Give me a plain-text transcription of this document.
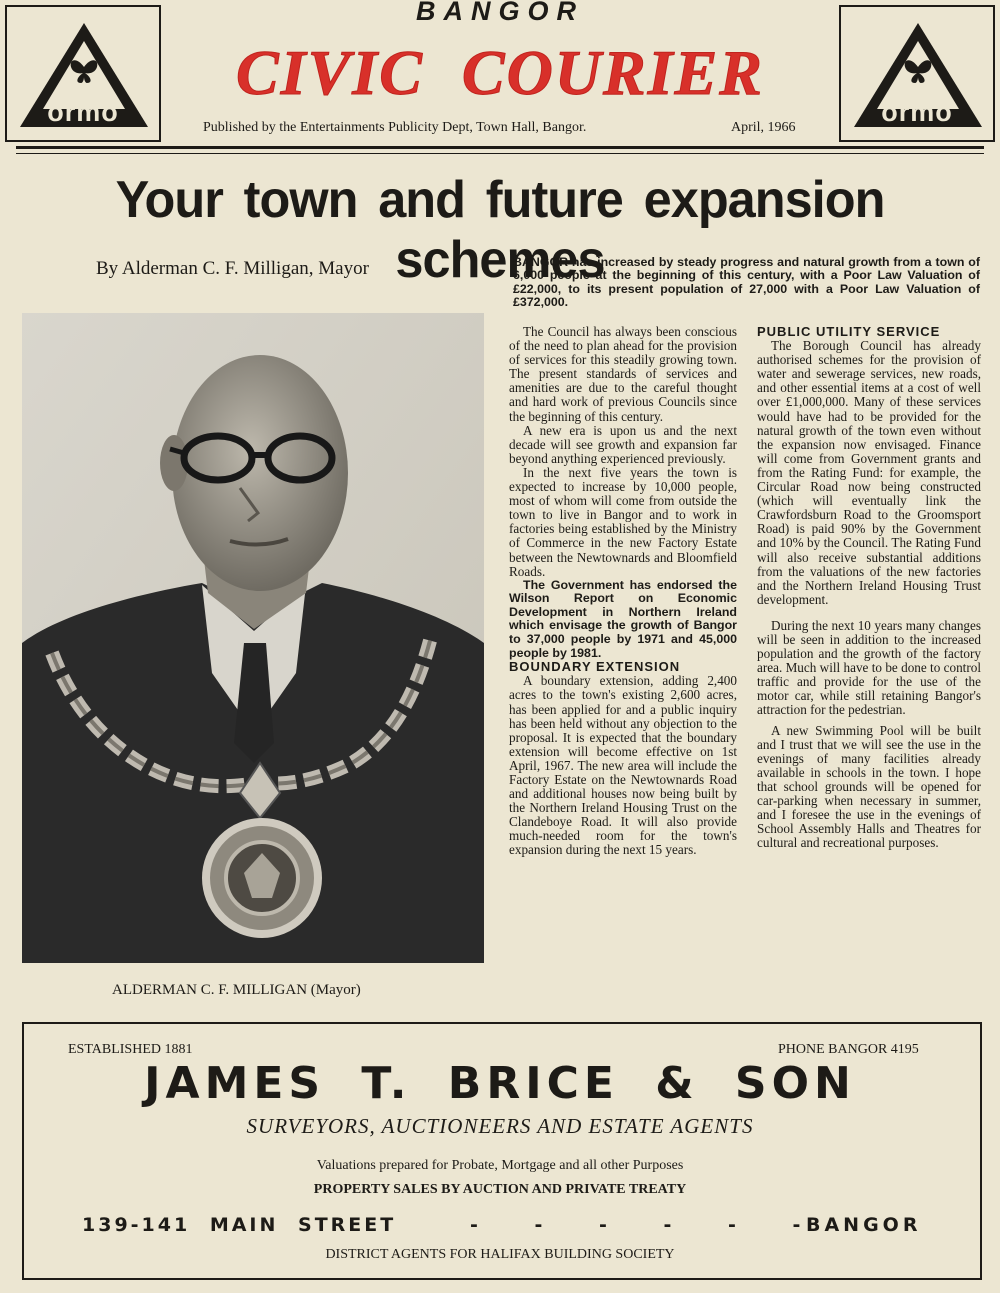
ormo	ormo
BANGOR
CIVIC COURIER
Published by the Entertainments Publicity Dept, Town Hall, Bangor.	April, 1966
Your town and future expansion schemes
By Alderman C. F. Milligan, Mayor
ALDERMAN C. F. MILLIGAN (Mayor)
BANGOR has increased by steady progress and natural growth from a town of 6,000 people at the beginning of this century, with a Poor Law Valuation of £22,000, to its present population of 27,000 with a Poor Law Valuation of £372,000.

The Council has always been conscious of the need to plan ahead for the provision of services for this steadily growing town. The present standards of services and amenities are due to the careful thought and hard work of previous Councils since the beginning of this century.

A new era is upon us and the next decade will see growth and expansion far beyond anything experienced previously.

In the next five years the town is expected to increase by 10,000 people, most of whom will come from outside the town to live in Bangor and to work in factories being established by the Ministry of Commerce in the new Factory Estate between the Newtownards and Bloomfield Roads.

The Government has endorsed the Wilson Report on Economic Development in Northern Ireland which envisage the growth of Bangor to 37,000 people by 1971 and 45,000 people by 1981.

BOUNDARY EXTENSION

A boundary extension, adding 2,400 acres to the town's existing 2,600 acres, has been applied for and a public inquiry has been held without any objection to the proposal. It is expected that the boundary extension will become effective on 1st April, 1967. The new area will include the Factory Estate on the Newtownards Road and additional houses now being built by the Northern Ireland Housing Trust on the Clandeboye Road. It will also provide much-needed room for the town's expansion during the next 15 years.

PUBLIC UTILITY SERVICE

The Borough Council has already authorised schemes for the provision of water and sewerage services, new roads, and other essential items at a cost of well over £1,000,000. Many of these services would have had to be provided for the natural growth of the town even without the expansion now envisaged. Finance will come from Government grants and from the Rating Fund: for example, the Circular Road now being constructed (which will eventually link the Crawfordsburn Road to the Groomsport Road) is paid 90% by the Government and 10% by the Council. The Rating Fund will also receive substantial additions from the valuations of the new factories and the Northern Ireland Housing Trust development.

During the next 10 years many changes will be seen in addition to the increased population and the growth of the factory area. Much will have to be done to control traffic and provide for the use of the motor car, while still retaining Bangor's attraction for the pedestrian.

A new Swimming Pool will be built and I trust that we will see the use in the evenings of many facilities already available in schools in the town. I hope that school grounds will be opened for car-parking when necessary in summer, and I foresee the use in the evenings of School Assembly Halls and Theatres for cultural and recreational purposes.

ESTABLISHED 1881	PHONE BANGOR 4195
JAMES T. BRICE & SON
SURVEYORS, AUCTIONEERS AND ESTATE AGENTS
Valuations prepared for Probate, Mortgage and all other Purposes
PROPERTY SALES BY AUCTION AND PRIVATE TREATY
139-141 MAIN STREET	- - - - - - BANGOR
DISTRICT AGENTS FOR HALIFAX BUILDING SOCIETY
